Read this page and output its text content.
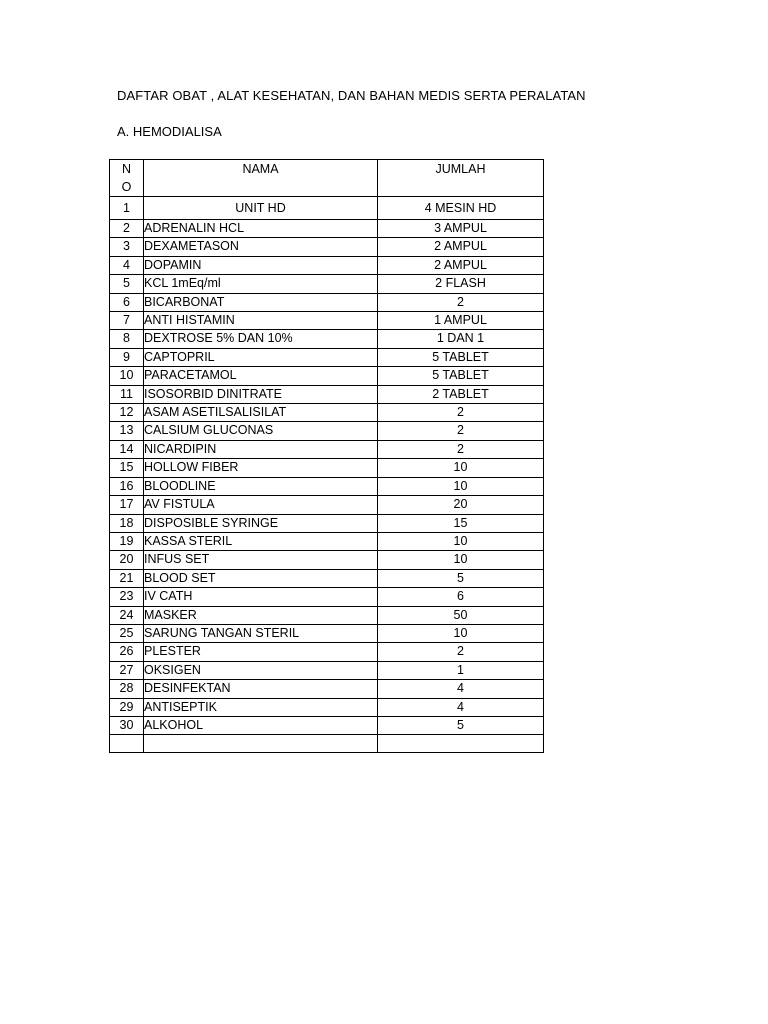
DAFTAR OBAT , ALAT KESEHATAN, DAN BAHAN MEDIS SERTA PERALATAN
A. HEMODIALISA
NO	NAMA	JUMLAH
1	UNIT HD	4 MESIN HD
2	ADRENALIN HCL	3 AMPUL
3	DEXAMETASON	2 AMPUL
4	DOPAMIN	2 AMPUL
5	KCL 1mEq/ml	2 FLASH
6	BICARBONAT	2
7	ANTI HISTAMIN	1 AMPUL
8	DEXTROSE 5% DAN 10%	1 DAN 1
9	CAPTOPRIL	5 TABLET
10	PARACETAMOL	5 TABLET
11	ISOSORBID DINITRATE	2 TABLET
12	ASAM ASETILSALISILAT	2
13	CALSIUM GLUCONAS	2
14	NICARDIPIN	2
15	HOLLOW FIBER	10
16	BLOODLINE	10
17	AV FISTULA	20
18	DISPOSIBLE SYRINGE	15
19	KASSA STERIL	10
20	INFUS SET	10
21	BLOOD SET	5
23	IV CATH	6
24	MASKER	50
25	SARUNG TANGAN STERIL	10
26	PLESTER	2
27	OKSIGEN	1
28	DESINFEKTAN	4
29	ANTISEPTIK	4
30	ALKOHOL	5
